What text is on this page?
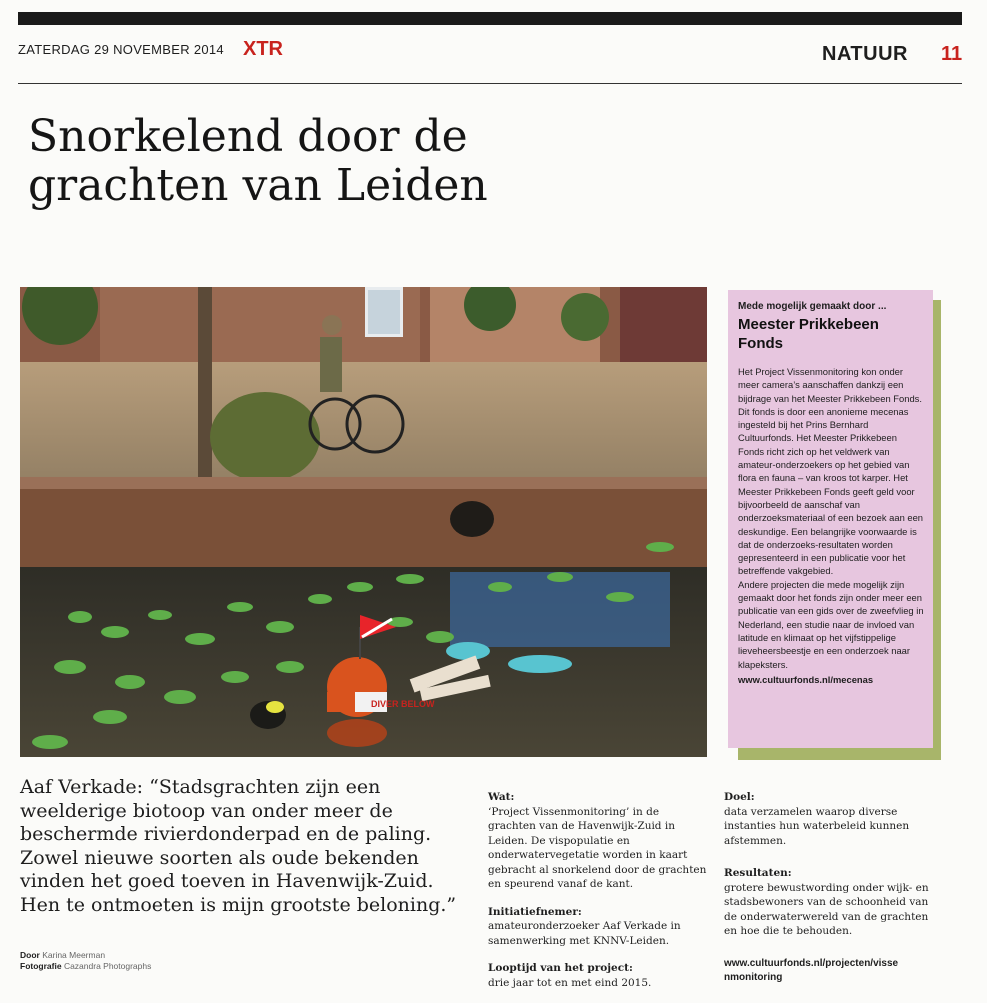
ZATERDAG 29 NOVEMBER 2014 XTR	NATUUR 11
Snorkelend door de grachten van Leiden
DIVER BELOW
Mede mogelijk gemaakt door ...
Meester Prikkebeen Fonds

Het Project Vissenmonitoring kon onder meer camera’s aanschaffen dankzij een bijdrage van het Meester Prikkebeen Fonds. Dit fonds is door een anonieme mecenas ingesteld bij het Prins Bernhard Cultuurfonds. Het Meester Prikkebeen Fonds richt zich op het veldwerk van amateur-onderzoekers op het gebied van flora en fauna – van kroos tot karper. Het Meester Prikkebeen Fonds geeft geld voor bijvoorbeeld de aanschaf van onderzoeksmateriaal of een bezoek aan een deskundige. Een belangrijke voorwaarde is dat de onderzoeks-resultaten worden gepresenteerd in een publicatie voor het betreffende vakgebied.

Andere projecten die mede mogelijk zijn gemaakt door het fonds zijn onder meer een publicatie van een gids over de zweefvlieg in Nederland, een studie naar de invloed van latitude en klimaat op het vijfstippelige lieveheersbeestje en een onderzoek naar klapeksters.

www.cultuurfonds.nl/mecenas

Aaf Verkade: “Stadsgrachten zijn een weelderige biotoop van onder meer de beschermde rivierdonderpad en de paling. Zowel nieuwe soorten als oude bekenden vinden het goed toeven in Havenwijk-Zuid. Hen te ontmoeten is mijn grootste beloning.”

Door Karina Meerman
Fotografie Cazandra Photographs

Wat:

‘Project Vissenmonitoring’ in de grachten van de Havenwijk-Zuid in Leiden. De vispopulatie en onderwatervegetatie worden in kaart gebracht al snorkelend door de grachten en speurend vanaf de kant.

Initiatiefnemer:

amateuronderzoeker Aaf Verkade in samenwerking met KNNV-Leiden.

Looptijd van het project:

drie jaar tot en met eind 2015.

Doel:

data verzamelen waarop diverse instanties hun waterbeleid kunnen afstemmen.

Resultaten:

grotere bewustwording onder wijk- en stadsbewoners van de schoonheid van de onderwaterwereld van de grachten en hoe die te behouden.

www.cultuurfonds.nl/projecten/vissenmonitoring
